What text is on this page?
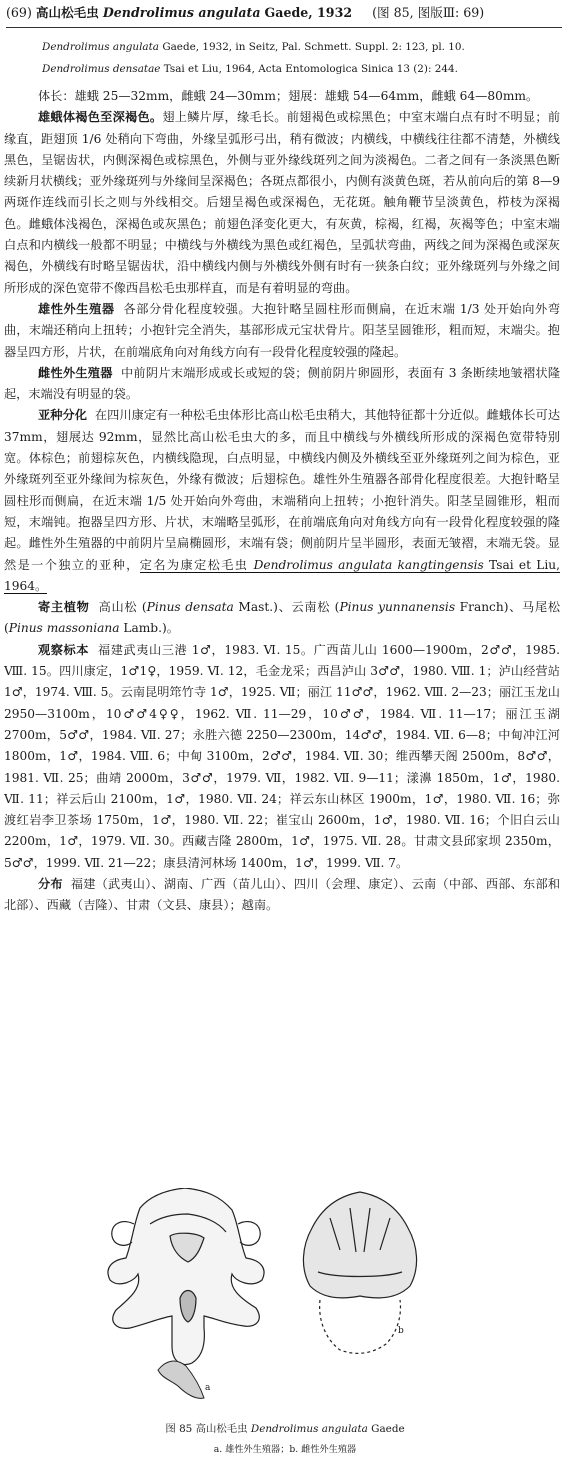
(69) 高山松毛虫 Dendrolimus angulata Gaede, 1932 (图 85, 图版Ⅲ: 69)
Dendrolimus angulata Gaede, 1932, in Seitz, Pal. Schmett. Suppl. 2: 123, pl. 10.
Dendrolimus densatae Tsai et Liu, 1964, Acta Entomologica Sinica 13 (2): 244.

体长：雄蛾 25—32mm，雌蛾 24—30mm；翅展：雄蛾 54—64mm，雌蛾 64—80mm。

雄蛾体褐色至深褐色。翅上鳞片厚，缘毛长。前翅褐色或棕黑色；中室末端白点有时不明显；前缘直，距翅顶 1/6 处稍向下弯曲，外缘呈弧形弓出，稍有微波；内横线，中横线往往都不清楚，外横线黑色，呈锯齿状，内侧深褐色或棕黑色，外侧与亚外缘线斑列之间为淡褐色。二者之间有一条淡黑色断续新月状横线；亚外缘斑列与外缘间呈深褐色；各斑点都很小，内侧有淡黄色斑，若从前向后的第 8—9 两斑作连线而引长之则与外线相交。后翅呈褐色或深褐色，无花斑。触角鞭节呈淡黄色，栉枝为深褐色。雌蛾体浅褐色，深褐色或灰黑色；前翅色泽变化更大，有灰黄，棕褐，红褐，灰褐等色；中室末端白点和内横线一般都不明显；中横线与外横线为黑色或红褐色，呈弧状弯曲，两线之间为深褐色或深灰褐色，外横线有时略呈锯齿状，沿中横线内侧与外横线外侧有时有一狭条白纹；亚外缘斑列与外缘之间所形成的深色宽带不像西昌松毛虫那样直，而是有着明显的弯曲。

雄性外生殖器 各部分骨化程度较强。大抱针略呈圆柱形而侧扁，在近末端 1/3 处开始向外弯曲，末端还稍向上扭转；小抱针完全消失，基部形成元宝状骨片。阳茎呈圆锥形，粗而短，末端尖。抱器呈四方形，片状，在前端底角向对角线方向有一段骨化程度较强的隆起。

雌性外生殖器 中前阴片末端形成或长或短的袋；侧前阴片卵圆形，表面有 3 条断续地皱褶状隆起，末端没有明显的袋。

亚种分化 在四川康定有一种松毛虫体形比高山松毛虫稍大，其他特征都十分近似。雌蛾体长可达 37mm，翅展达 92mm，显然比高山松毛虫大的多，而且中横线与外横线所形成的深褐色宽带特别宽。体棕色；前翅棕灰色，内横线隐现，白点明显，中横线内侧及外横线至亚外缘斑列之间为棕色，亚外缘斑列至亚外缘间为棕灰色，外缘有微波；后翅棕色。雄性外生殖器各部骨化程度很差。大抱针略呈圆柱形而侧扁，在近末端 1/5 处开始向外弯曲，末端稍向上扭转；小抱针消失。阳茎呈圆锥形，粗而短，末端钝。抱器呈四方形、片状，末端略呈弧形，在前端底角向对角线方向有一段骨化程度较强的隆起。雌性外生殖器的中前阴片呈扁椭圆形，末端有袋；侧前阴片呈半圆形，表面无皱褶，末端无袋。显然是一个独立的亚种，定名为康定松毛虫 Dendrolimus angulata kangtingensis Tsai et Liu, 1964。

寄主植物 高山松 (Pinus densata Mast.)、云南松 (Pinus yunnanensis Franch)、马尾松 (Pinus massoniana Lamb.)。

观察标本 福建武夷山三港 1♂，1983. Ⅵ. 15。广西苗儿山 1600—1900m，2♂♂，1985. Ⅷ. 15。四川康定，1♂1♀，1959. Ⅵ. 12，毛金龙采；西昌泸山 3♂♂，1980. Ⅷ. 1；泸山经营站 1♂，1974. Ⅷ. 5。云南昆明筇竹寺 1♂，1925. Ⅶ；丽江 11♂♂，1962. Ⅷ. 2—23；丽江玉龙山 2950—3100m，10♂♂4♀♀，1962. Ⅶ. 11—29，10♂♂，1984. Ⅶ. 11—17；丽江玉湖 2700m，5♂♂，1984. Ⅶ. 27；永胜六德 2250—2300m，14♂♂，1984. Ⅶ. 6—8；中甸冲江河 1800m，1♂，1984. Ⅷ. 6；中甸 3100m，2♂♂，1984. Ⅶ. 30；维西攀天阁 2500m，8♂♂，1981. Ⅶ. 25；曲靖 2000m，3♂♂，1979. Ⅶ，1982. Ⅶ. 9—11；漾濞 1850m，1♂，1980. Ⅶ. 11；祥云后山 2100m，1♂，1980. Ⅶ. 24；祥云东山林区 1900m，1♂，1980. Ⅶ. 16；弥渡红岩李卫茶场 1750m，1♂，1980. Ⅶ. 22；崔宝山 2600m，1♂，1980. Ⅶ. 16；个旧白云山 2200m，1♂，1979. Ⅶ. 30。西藏吉隆 2800m，1♂，1975. Ⅶ. 28。甘肃文县邱家坝 2350m，5♂♂，1999. Ⅶ. 21—22；康县清河林场 1400m，1♂，1999. Ⅶ. 7。

分布 福建（武夷山）、湖南、广西（苗儿山）、四川（会理、康定）、云南（中部、西部、东部和北部）、西藏（吉隆）、甘肃（文县、康县）；越南。

a
b
图 85 高山松毛虫 Dendrolimus angulata Gaede
a. 雄性外生殖器；b. 雌性外生殖器
